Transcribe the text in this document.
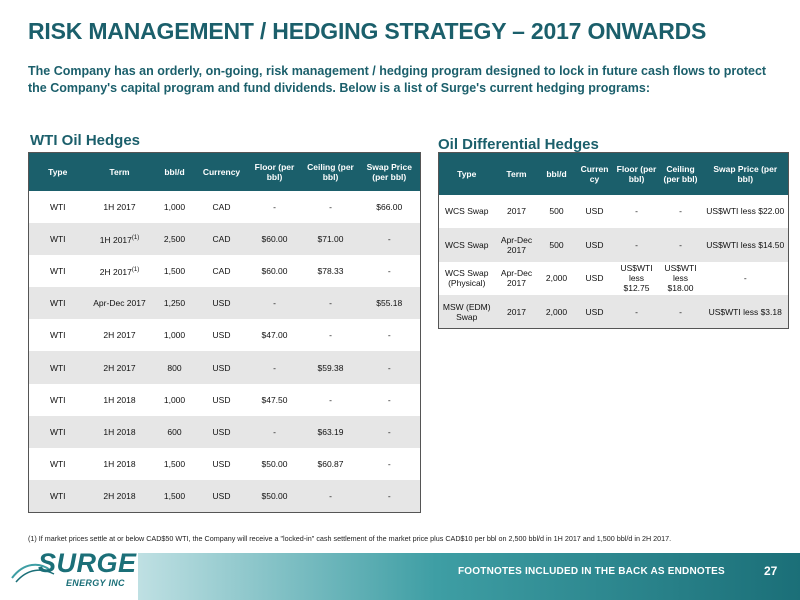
RISK MANAGEMENT / HEDGING STRATEGY – 2017 ONWARDS
The Company has an orderly, on-going, risk management / hedging program designed to lock in future cash flows to protect the Company's capital program and fund dividends. Below is a list of Surge's current hedging programs:
WTI Oil Hedges	Oil Differential Hedges
Type	Term	bbl/d	Currency	Floor (per bbl)	Ceiling (per bbl)	Swap Price (per bbl)
WTI	1H 2017	1,000	CAD	-	-	$66.00
WTI	1H 2017$^{(1)}$	2,500	CAD	$60.00	$71.00	-
WTI	2H 2017$^{(1)}$	1,500	CAD	$60.00	$78.33	-
WTI	Apr-Dec 2017	1,250	USD	-	-	$55.18
WTI	2H 2017	1,000	USD	$47.00	-	-
WTI	2H 2017	800	USD	-	$59.38	-
WTI	1H 2018	1,000	USD	$47.50	-	-
WTI	1H 2018	600	USD	-	$63.19	-
WTI	1H 2018	1,500	USD	$50.00	$60.87	-
WTI	2H 2018	1,500	USD	$50.00	-	-
Type	Term	bbl/d	Curren cy	Floor (per bbl)	Ceiling (per bbl)	Swap Price (per bbl)
WCS Swap	2017	500	USD	-	-	US$WTI less $22.00
WCS Swap	Apr-Dec 2017	500	USD	-	-	US$WTI less $14.50
WCS Swap (Physical)	Apr-Dec 2017	2,000	USD	US$WTI less $12.75	US$WTI less $18.00	-
MSW (EDM) Swap	2017	2,000	USD	-	-	US$WTI less $3.18
(1) If market prices settle at or below CAD$50 WTI, the Company will receive a "locked-in" cash settlement of the market price plus CAD$10 per bbl on 2,500 bbl/d in 1H 2017 and 1,500 bbl/d in 2H 2017.
FOOTNOTES INCLUDED IN THE BACK AS ENDNOTES	27
SURGE
ENERGY INC
